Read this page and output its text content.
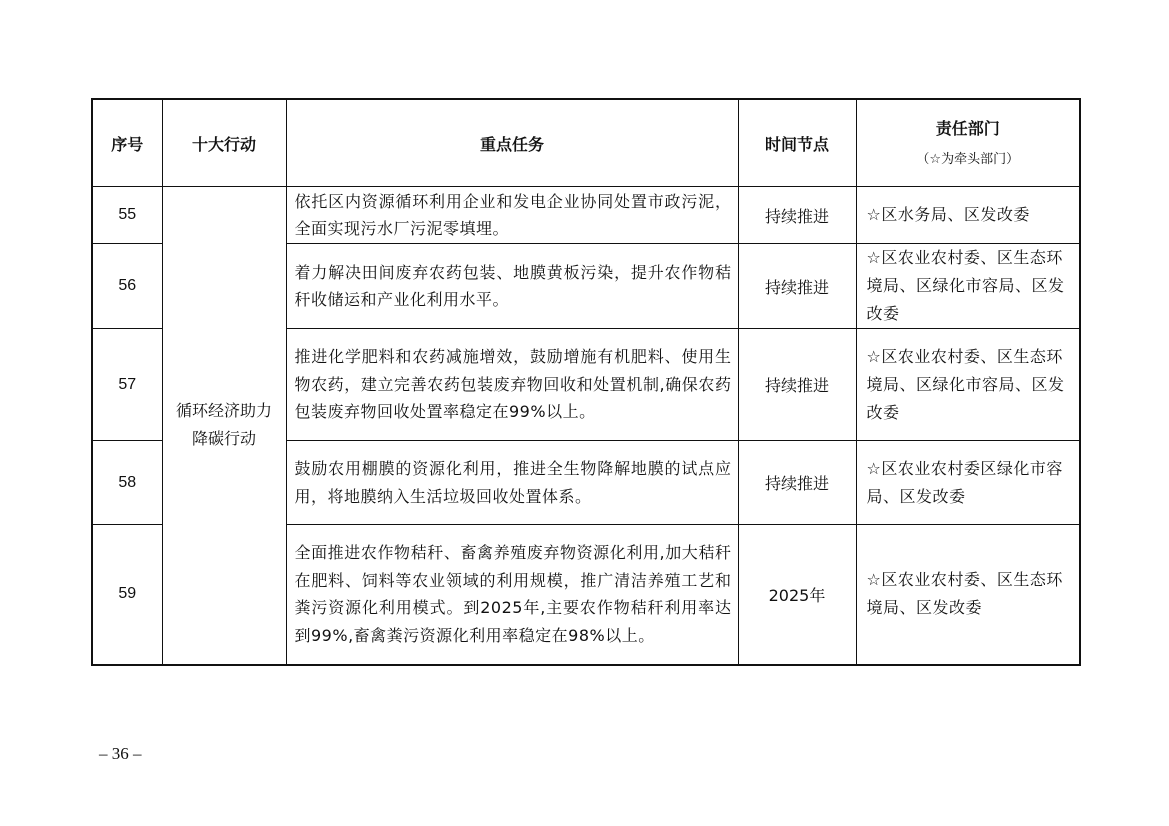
序号	十大行动	重点任务	时间节点	责任部门
（☆为牵头部门）

55	循环经济助力降碳行动	依托区内资源循环利用企业和发电企业协同处置市政污泥，全面实现污水厂污泥零填埋。	持续推进	☆区水务局、区发改委
56		着力解决田间废弃农药包装、地膜黄板污染，提升农作物秸秆收储运和产业化利用水平。	持续推进	☆区农业农村委、区生态环境局、区绿化市容局、区发改委
57		推进化学肥料和农药减施增效，鼓励增施有机肥料、使用生物农药，建立完善农药包装废弃物回收和处置机制,确保农药包装废弃物回收处置率稳定在99%以上。	持续推进	☆区农业农村委、区生态环境局、区绿化市容局、区发改委
58		鼓励农用棚膜的资源化利用，推进全生物降解地膜的试点应用，将地膜纳入生活垃圾回收处置体系。	持续推进	☆区农业农村委区绿化市容局、区发改委
59		全面推进农作物秸秆、畜禽养殖废弃物资源化利用,加大秸秆在肥料、饲料等农业领域的利用规模，推广清洁养殖工艺和粪污资源化利用模式。到2025年,主要农作物秸秆利用率达到99%,畜禽粪污资源化利用率稳定在98%以上。	2025年	☆区农业农村委、区生态环境局、区发改委
– 36 –
